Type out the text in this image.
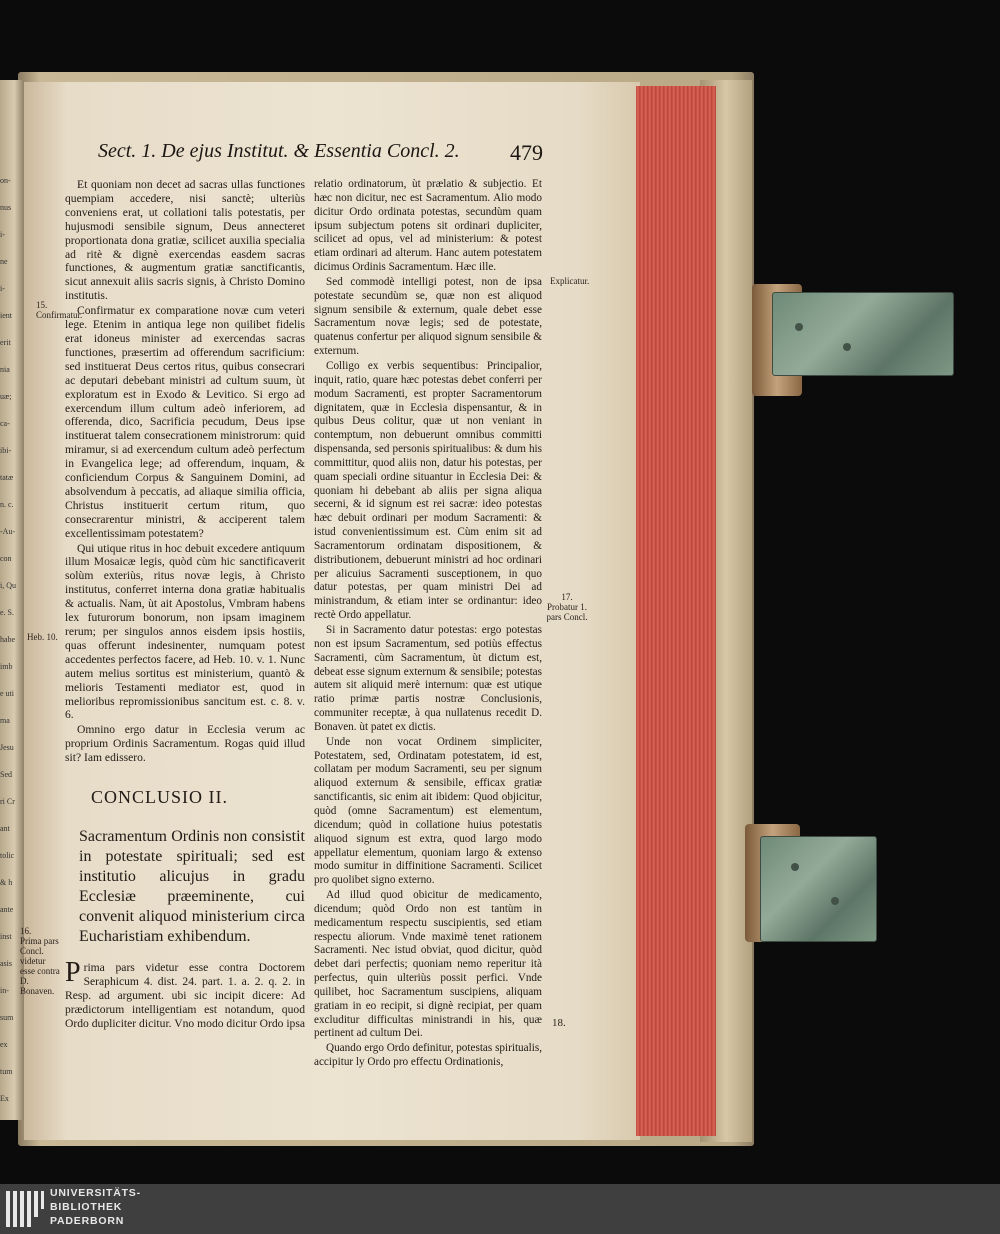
on-
nus
i-
ne
i-
ient
erit
nia
uæ;
ca-
ibi-
tatæ
n. c.
-Au-
con
i, Qu
e. S.
habe
imb
e uti
ma
Jesu
Sed
ri Cr
ant
tolic
& h
ante
inst
asis
in-
sum
ex
tum
Ex
Sect. 1. De ejus Institut. & Essentia Concl. 2. 479

Et quoniam non decet ad sacras ullas functiones quempiam accedere, nisi sanctè; ulteriùs conveniens erat, ut collationi talis potestatis, per hujusmodi sensibile signum, Deus annecteret proportionata dona gratiæ, scilicet auxilia specialia ad ritè & dignè exercendas easdem sacras functiones, & augmentum gratiæ sanctificantis, sicut annexuit aliis sacris signis, à Christo Domino institutis.

Confirmatur ex comparatione novæ cum veteri lege. Etenim in antiqua lege non quilibet fidelis erat idoneus minister ad exercendas sacras functiones, præsertim ad offerendum sacrificium: sed instituerat Deus certos ritus, quibus consecrari ac deputari debebant ministri ad cultum suum, ùt exploratum est in Exodo & Levitico. Si ergo ad exercendum illum cultum adeò inferiorem, ad offerenda, dico, Sacrificia pecudum, Deus ipse instituerat talem consecrationem ministrorum: quid miramur, si ad exercendum cultum adeò perfectum in Evangelica lege; ad offerendum, inquam, & conficiendum Corpus & Sanguinem Domini, ad absolvendum à peccatis, ad aliaque similia officia, Christus instituerit certum ritum, quo consecrarentur ministri, & acciperent talem excellentissimam potestatem?

Qui utique ritus in hoc debuit excedere antiquum illum Mosaicæ legis, quòd cùm hic sanctificaverit solùm exteriùs, ritus novæ legis, à Christo institutus, conferret interna dona gratiæ habitualis & actualis. Nam, ùt ait Apostolus, Vmbram habens lex futurorum bonorum, non ipsam imaginem rerum; per singulos annos eisdem ipsis hostiis, quas offerunt indesinenter, numquam potest accedentes perfectos facere, ad Heb. 10. v. 1. Nunc autem melius sortitus est ministerium, quantò & melioris Testamenti mediator est, quod in melioribus repromissionibus sancitum est. c. 8. v. 6.

Omnino ergo datur in Ecclesia verum ac proprium Ordinis Sacramentum. Rogas quid illud sit? Iam edissero.

CONCLUSIO II.

Sacramentum Ordinis non consistit in potestate spirituali; sed est institutio alicujus in gradu Ecclesiæ præeminente, cui convenit aliquod ministerium circa Eucharistiam exhibendum.

Prima pars videtur esse contra Doctorem Seraphicum 4. dist. 24. part. 1. a. 2. q. 2. in Resp. ad argument. ubi sic incipit dicere: Ad prædictorum intelligentiam est notandum, quod Ordo dupliciter dicitur. Vno modo dicitur Ordo ipsa

relatio ordinatorum, ùt prælatio & subjectio. Et hæc non dicitur, nec est Sacramentum. Alio modo dicitur Ordo ordinata potestas, secundùm quam ipsum subjectum potens sit ordinari dupliciter, scilicet ad opus, vel ad ministerium: & potest etiam ordinari ad alterum. Hanc autem potestatem dicimus Ordinis Sacramentum. Hæc ille.

Sed commodè intelligi potest, non de ipsa potestate secundùm se, quæ non est aliquod signum sensibile & externum, quale debet esse Sacramentum novæ legis; sed de potestate, quatenus confertur per aliquod signum sensibile & externum.

Colligo ex verbis sequentibus: Principalior, inquit, ratio, quare hæc potestas debet conferri per modum Sacramenti, est propter Sacramentorum dignitatem, quæ in Ecclesia dispensantur, & in quibus Deus colitur, quæ ut non veniant in contemptum, non debuerunt omnibus committi dispensanda, sed personis spiritualibus: & dum his committitur, quod aliis non, datur his potestas, per quam speciali ordine situantur in Ecclesia Dei: & quoniam hi debebant ab aliis per signa aliqua secerni, & id signum est rei sacræ: ideo potestas hæc debuit ordinari per modum Sacramenti: & istud convenientissimum est. Cùm enim sit ad Sacramentorum ordinatam dispositionem, & distributionem, debuerunt ministri ad hoc ordinari per alicuius Sacramenti susceptionem, in quo datur potestas, per quam ministri Dei ad ministrandum, & etiam inter se ordinantur: ideo rectè Ordo appellatur.

Si in Sacramento datur potestas: ergo potestas non est ipsum Sacramentum, sed potiùs effectus Sacramenti, cùm Sacramentum, ùt dictum est, debeat esse signum externum & sensibile; potestas autem sit aliquid merè internum: quæ est utique ratio primæ partis nostræ Conclusionis, communiter receptæ, à qua nullatenus recedit D. Bonaven. ùt patet ex dictis.

Unde non vocat Ordinem simpliciter, Potestatem, sed, Ordinatam potestatem, id est, collatam per modum Sacramenti, seu per signum aliquod externum & sensibile, efficax gratiæ sanctificantis, sic enim ait ibidem: Quod objicitur, quòd (omne Sacramentum) est elementum, dicendum; quòd in collatione huius potestatis aliquod signum est extra, quod largo modo appellatur elementum, quoniam largo & extenso modo sumitur in diffinitione Sacramenti. Scilicet pro quolibet signo externo.

Ad illud quod obicitur de medicamento, dicendum; quòd Ordo non est tantùm in medicamentum respectu suscipientis, sed etiam respectu aliorum. Vnde maximè tenet rationem Sacramenti. Nec istud obviat, quod dicitur, quòd debet dari perfectis; quoniam nemo reperitur ità perfectus, quin ulteriùs possit perfici. Vnde quilibet, hoc Sacramentum suscipiens, aliquam gratiam in eo recipit, si dignè recipiat, per quam excluditur difficultas ministrandi in his, quæ pertinent ad cultum Dei.

Quando ergo Ordo definitur, potestas spiritualis, accipitur ly Ordo pro effectu Ordinationis,

15.
Confirmatur.
Heb. 10.
16.
Prima pars Concl. videtur esse contra D. Bonaven.
Explicatur.
17.
Probatur 1. pars Concl.
18.
UNIVERSITÄTS-
BIBLIOTHEK
PADERBORN
